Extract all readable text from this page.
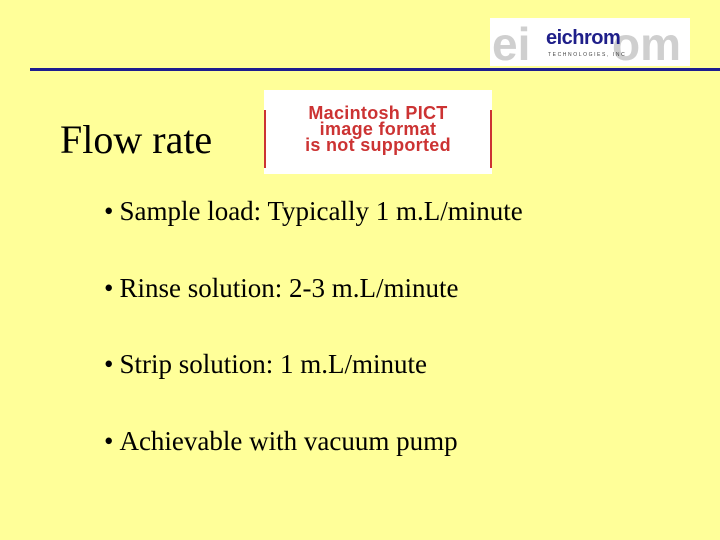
ei om
eichrom
TECHNOLOGIES, INC
Flow rate
Macintosh PICT
image format
is not supported
• Sample load: Typically 1 m.L/minute
• Rinse solution: 2-3 m.L/minute
• Strip solution: 1 m.L/minute
• Achievable with vacuum pump
